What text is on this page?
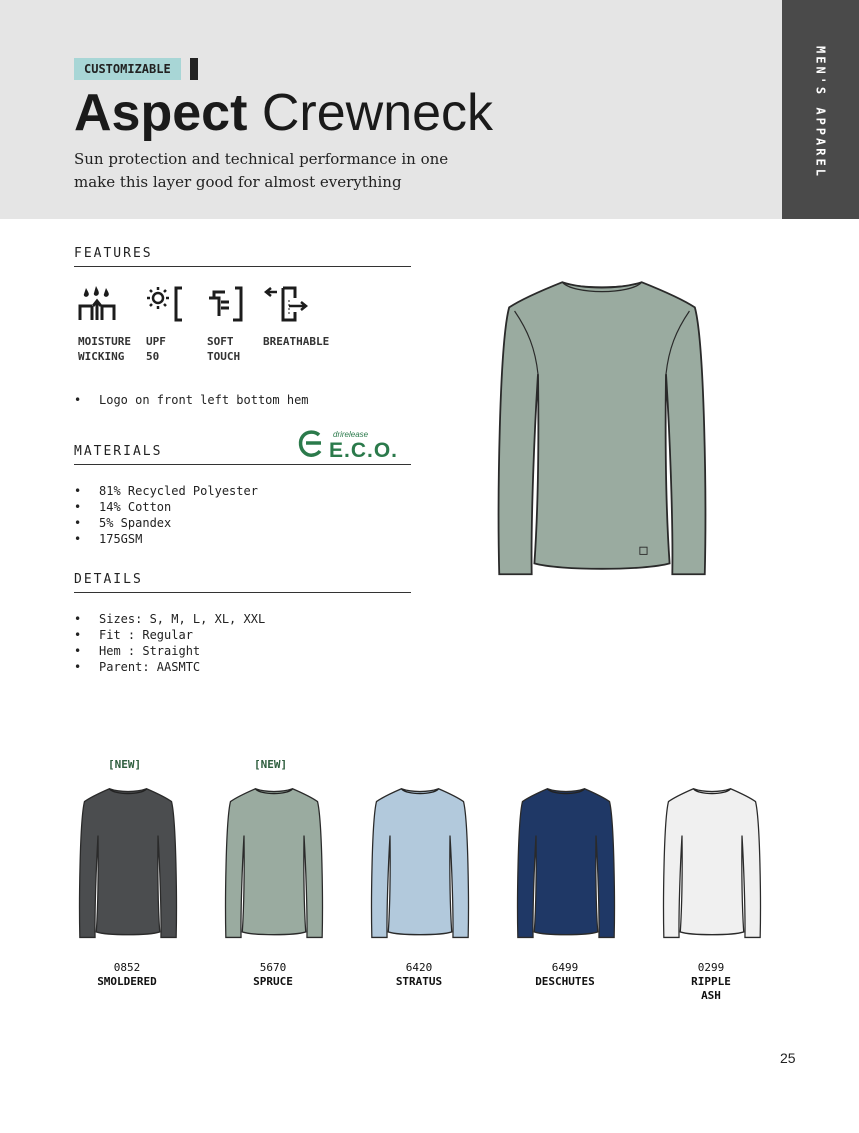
MEN'S APPAREL
CUSTOMIZABLE
Aspect Crewneck

Sun protection and technical performance in one
make this layer good for almost everything

FEATURES
MOISTURE
WICKING
UPF
50
SOFT
TOUCH
BREATHABLE
• Logo on front left bottom hem
MATERIALS
drirelease
E.C.O.
• 81% Recycled Polyester
• 14% Cotton
• 5% Spandex
• 175GSM
DETAILS
• Sizes: S, M, L, XL, XXL
• Fit : Regular
• Hem : Straight
• Parent: AASMTC
[NEW]	[NEW]
0852
SMOLDERED
5670
SPRUCE
6420
STRATUS
6499
DESCHUTES
0299
RIPPLE
ASH
25
